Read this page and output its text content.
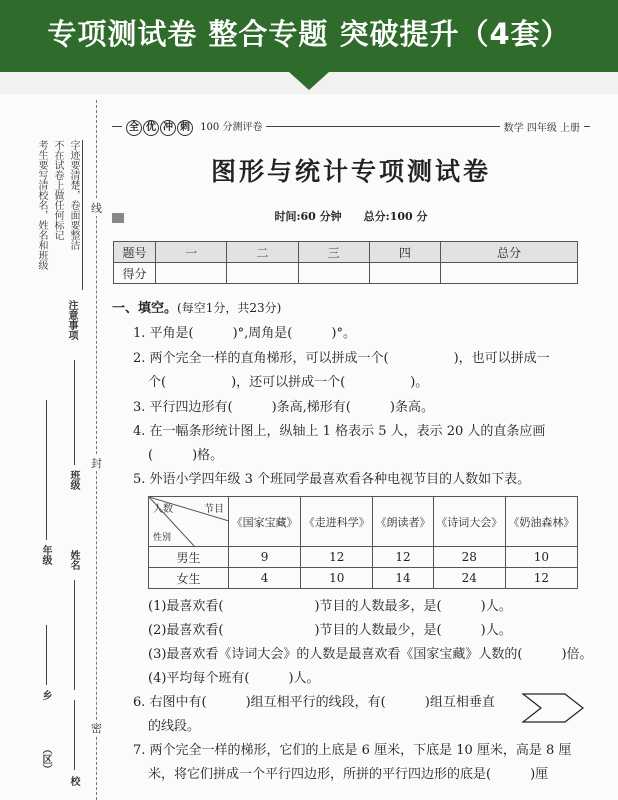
专项测试卷 整合专题 突破提升（4套）
考生要写清校名，姓名和班级 不在试卷上做任何标记 字迹要清楚，卷面要整洁
注意事项
年级
班级
姓名
乡
（区）
校
线
封
密
全 优 冲 刺 100 分测评卷	数学 四年级 上册
图形与统计专项测试卷
时间:60 分钟　　 总分:100 分
题号	一	二	三	四	总分
得分					
一、填空。(每空1分，共23分)
1. 平角是(　　　)°,周角是(　　　)°。
2. 两个完全一样的直角梯形，可以拼成一个(　　　　　)，也可以拼成一
个(　　　　　)，还可以拼成一个(　　　　　)。
3. 平行四边形有(　　　)条高,梯形有(　　　)条高。
4. 在一幅条形统计图上，纵轴上 1 格表示 5 人，表示 20 人的直条应画
(　　　)格。
5. 外语小学四年级 3 个班同学最喜欢看各种电视节目的人数如下表。
人数 节目
性别	《国家宝藏》	《走进科学》	《朗读者》	《诗词大会》	《奶油森林》
男生	9	12	12	28	10
女生	4	10	14	24	12
(1)最喜欢看(　　　　　　　)节目的人数最多，是(　　　)人。
(2)最喜欢看(　　　　　　　)节目的人数最少，是(　　　)人。
(3)最喜欢看《诗词大会》的人数是最喜欢看《国家宝藏》人数的(　　　)倍。
(4)平均每个班有(　　　)人。
6. 右图中有(　　　)组互相平行的线段，有(　　　)组互相垂直
的线段。
7. 两个完全一样的梯形，它们的上底是 6 厘米，下底是 10 厘米，高是 8 厘
米，将它们拼成一个平行四边形，所拼的平行四边形的底是(　　　)厘
